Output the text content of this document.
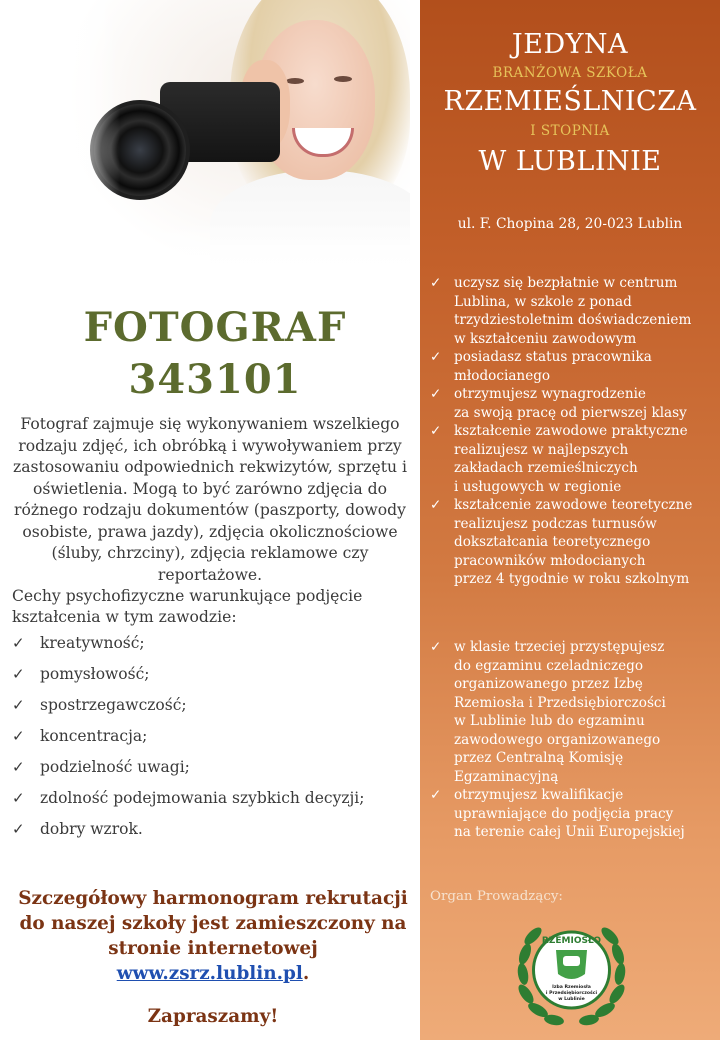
FOTOGRAF
343101
Fotograf zajmuje się wykonywaniem wszelkiego rodzaju zdjęć, ich obróbką i wywoływaniem przy zastosowaniu odpowiednich rekwizytów, sprzętu i oświetlenia. Mogą to być zarówno zdjęcia do różnego rodzaju dokumentów (paszporty, dowody osobiste, prawa jazdy), zdjęcia okolicznościowe (śluby, chrzciny), zdjęcia reklamowe czy reportażowe.
Cechy psychofizyczne warunkujące podjęcie kształcenia w tym zawodzie:
✓ kreatywność;
✓ pomysłowość;
✓ spostrzegawczość;
✓ koncentracja;
✓ podzielność uwagi;
✓ zdolność podejmowania szybkich decyzji;
✓ dobry wzrok.
Szczegółowy harmonogram rekrutacji do naszej szkoły jest zamieszczony na stronie internetowej www.zsrz.lublin.pl.
Zapraszamy!
JEDYNA
BRANŻOWA SZKOŁA
RZEMIEŚLNICZA
I STOPNIA
W LUBLINIE
ul. F. Chopina 28, 20-023 Lublin
✓ uczysz się bezpłatnie w centrum
Lublina, w szkole z ponad
trzydziestoletnim doświadczeniem
w kształceniu zawodowym
✓ posiadasz status pracownika
młodocianego
✓ otrzymujesz wynagrodzenie
za swoją pracę od pierwszej klasy
✓ kształcenie zawodowe praktyczne
realizujesz w najlepszych
zakładach rzemieślniczych
i usługowych w regionie
✓ kształcenie zawodowe teoretyczne
realizujesz podczas turnusów
dokształcania teoretycznego
pracowników młodocianych
przez 4 tygodnie w roku szkolnym
✓ w klasie trzeciej przystępujesz
do egzaminu czeladniczego
organizowanego przez Izbę
Rzemiosła i Przedsiębiorczości
w Lublinie lub do egzaminu
zawodowego organizowanego
przez Centralną Komisję
Egzaminacyjną
✓ otrzymujesz kwalifikacje
uprawniające do podjęcia pracy
na terenie całej Unii Europejskiej
Organ Prowadzący:
RZEMIOSŁO
Izba Rzemiosła
i Przedsiębiorczości
w Lublinie
